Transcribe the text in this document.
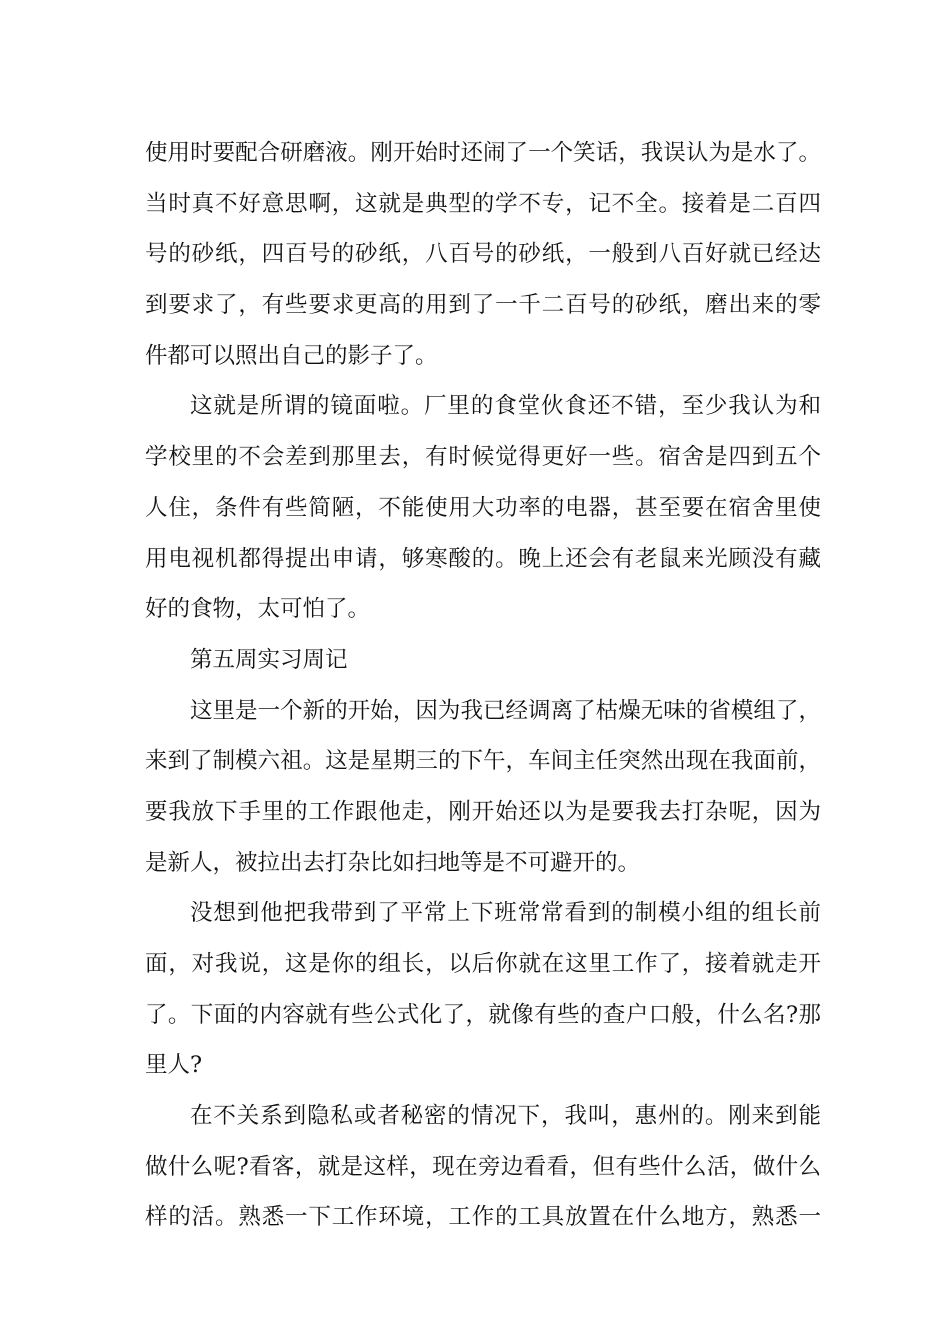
使用时要配合研磨液。刚开始时还闹了一个笑话，我误认为是水了。
当时真不好意思啊，这就是典型的学不专，记不全。接着是二百四
号的砂纸，四百号的砂纸，八百号的砂纸，一般到八百好就已经达
到要求了，有些要求更高的用到了一千二百号的砂纸，磨出来的零
件都可以照出自己的影子了。
这就是所谓的镜面啦。厂里的食堂伙食还不错，至少我认为和
学校里的不会差到那里去，有时候觉得更好一些。宿舍是四到五个
人住，条件有些简陋，不能使用大功率的电器，甚至要在宿舍里使
用电视机都得提出申请，够寒酸的。晚上还会有老鼠来光顾没有藏
好的食物，太可怕了。
第五周实习周记
这里是一个新的开始，因为我已经调离了枯燥无味的省模组了，
来到了制模六祖。这是星期三的下午，车间主任突然出现在我面前，
要我放下手里的工作跟他走，刚开始还以为是要我去打杂呢，因为
是新人，被拉出去打杂比如扫地等是不可避开的。
没想到他把我带到了平常上下班常常看到的制模小组的组长前
面，对我说，这是你的组长，以后你就在这里工作了，接着就走开
了。下面的内容就有些公式化了，就像有些的查户口般，什么名?那
里人?
在不关系到隐私或者秘密的情况下，我叫，惠州的。刚来到能
做什么呢?看客，就是这样，现在旁边看看，但有些什么活，做什么
样的活。熟悉一下工作环境，工作的工具放置在什么地方，熟悉一
